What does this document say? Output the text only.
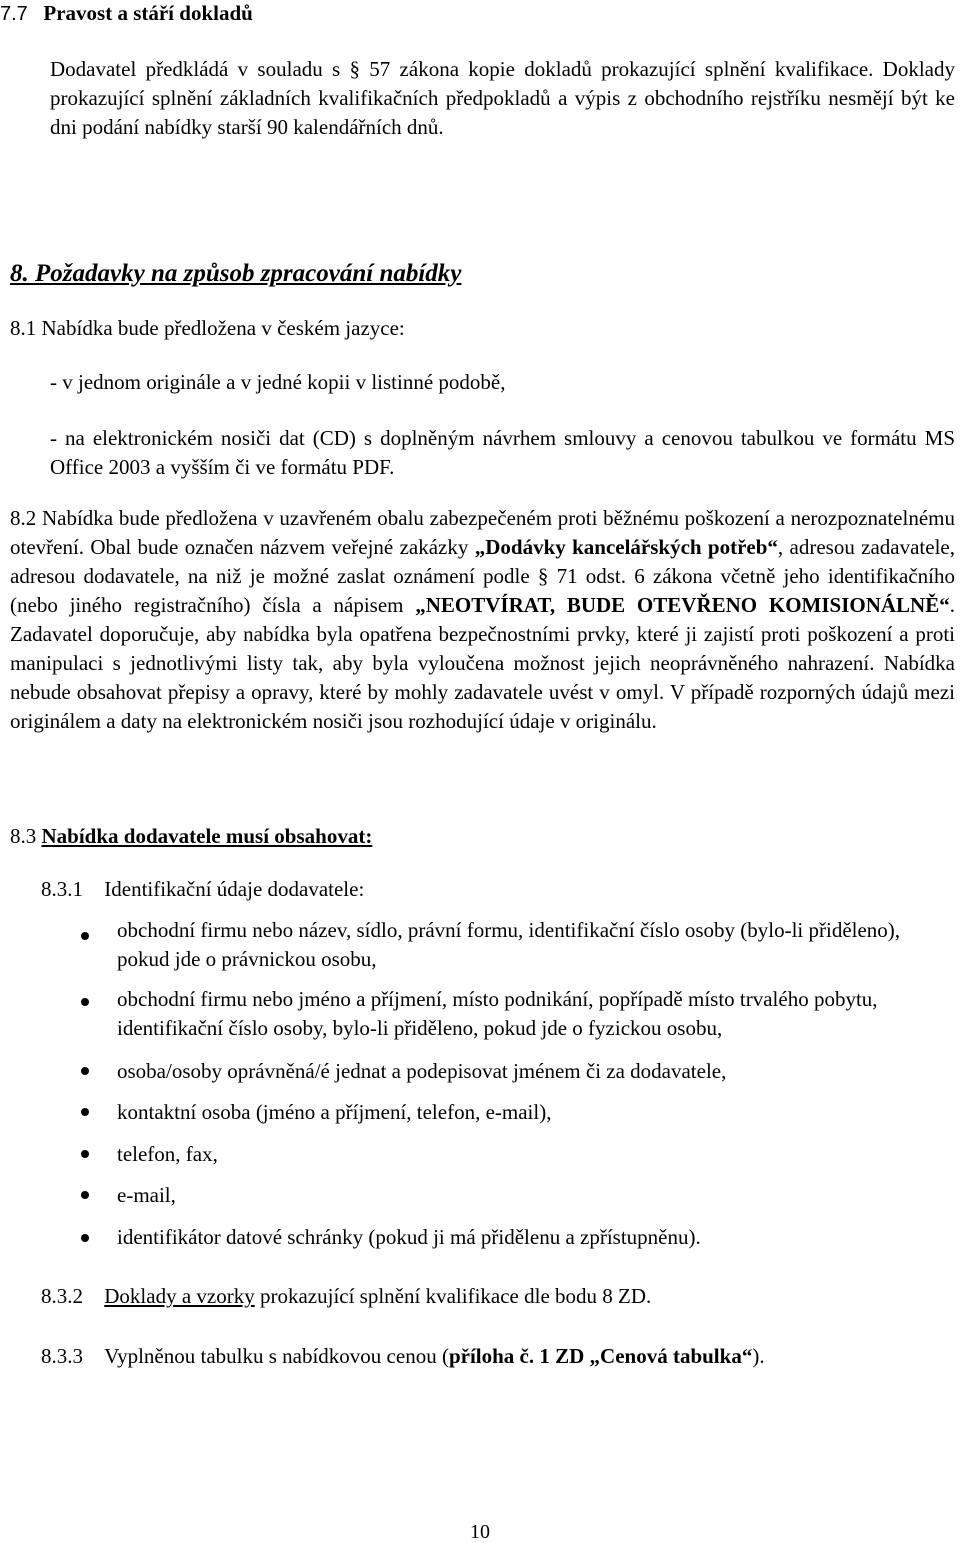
7.7 Pravost a stáří dokladů
Dodavatel předkládá v souladu s § 57 zákona kopie dokladů prokazující splnění kvalifikace. Doklady prokazující splnění základních kvalifikačních předpokladů a výpis z obchodního rejstříku nesmějí být ke dni podání nabídky starší 90 kalendářních dnů.
8. Požadavky na způsob zpracování nabídky
8.1 Nabídka bude předložena v českém jazyce:
- v jednom originále a v jedné kopii v listinné podobě,
- na elektronickém nosiči dat (CD) s doplněným návrhem smlouvy a cenovou tabulkou ve formátu MS Office 2003 a vyšším či ve formátu PDF.
8.2 Nabídka bude předložena v uzavřeném obalu zabezpečeném proti běžnému poškození a nerozpoznatelnému otevření. Obal bude označen názvem veřejné zakázky „Dodávky kancelářských potřeb“, adresou zadavatele, adresou dodavatele, na niž je možné zaslat oznámení podle § 71 odst. 6 zákona včetně jeho identifikačního (nebo jiného registračního) čísla a nápisem „NEOTVÍRAT, BUDE OTEVŘENO KOMISIONÁLNĚ“. Zadavatel doporučuje, aby nabídka byla opatřena bezpečnostními prvky, které ji zajistí proti poškození a proti manipulaci s jednotlivými listy tak, aby byla vyloučena možnost jejich neoprávněného nahrazení. Nabídka nebude obsahovat přepisy a opravy, které by mohly zadavatele uvést v omyl. V případě rozporných údajů mezi originálem a daty na elektronickém nosiči jsou rozhodující údaje v originálu.
8.3 Nabídka dodavatele musí obsahovat:
8.3.1 Identifikační údaje dodavatele:
obchodní firmu nebo název, sídlo, právní formu, identifikační číslo osoby (bylo-li přiděleno), pokud jde o právnickou osobu,
obchodní firmu nebo jméno a příjmení, místo podnikání, popřípadě místo trvalého pobytu, identifikační číslo osoby, bylo-li přiděleno, pokud jde o fyzickou osobu,
osoba/osoby oprávněná/é jednat a podepisovat jménem či za dodavatele,
kontaktní osoba (jméno a příjmení, telefon, e-mail),
telefon, fax,
e-mail,
identifikátor datové schránky (pokud ji má přidělenu a zpřístupněnu).
8.3.2 Doklady a vzorky prokazující splnění kvalifikace dle bodu 8 ZD.
8.3.3 Vyplněnou tabulku s nabídkovou cenou (příloha č. 1 ZD „Cenová tabulka“).
10
